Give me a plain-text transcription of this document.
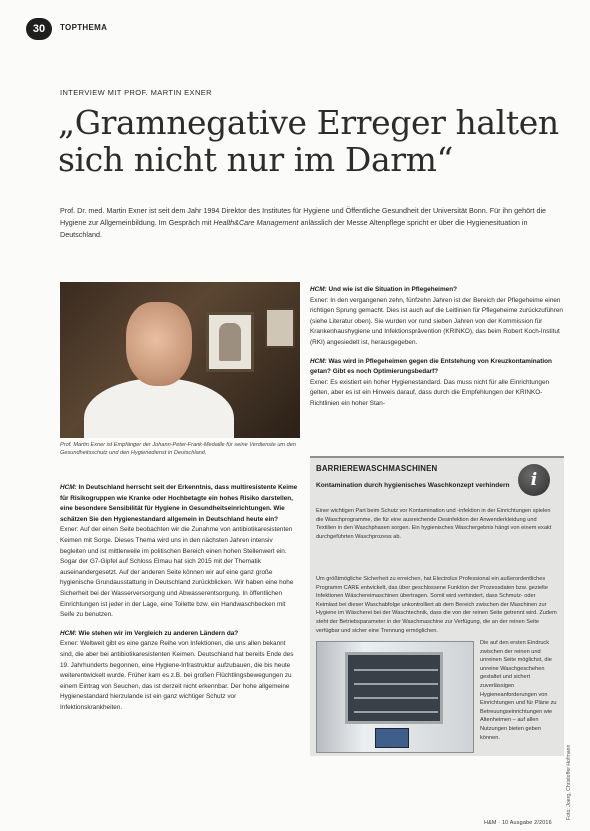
30	TOPTHEMA
INTERVIEW MIT PROF. MARTIN EXNER
„Gramnegative Erreger halten sich nicht nur im Darm“

Prof. Dr. med. Martin Exner ist seit dem Jahr 1994 Direktor des Institutes für Hygiene und Öffentliche Gesundheit der Universität Bonn. Für ihn gehört die Hygiene zur Allgemeinbildung. Im Gespräch mit Health&Care Management anlässlich der Messe Altenpflege spricht er über die Hygienesituation in Deutschland.

Prof. Martin Exner ist Empfänger der Johann-Peter-Frank-Medaille für seine Verdienste um den Gesundheitsschutz und den Hygienedienst in Deutschland.

HCM: In Deutschland herrscht seit der Erkenntnis, dass multiresistente Keime für Risikogruppen wie Kranke oder Hochbetagte ein hohes Risiko darstellen, eine besondere Sensibilität für Hygiene in Gesundheitseinrichtungen. Wie schätzen Sie den Hygienestandard allgemein in Deutschland heute ein?
Exner: Auf der einen Seite beobachten wir die Zunahme von antibiotikaresistenten Keimen mit Sorge. Dieses Thema wird uns in den nächsten Jahren intensiv begleiten und ist mittlerweile im politischen Bereich einen hohen Stellenwert ein. Sogar der G7-Gipfel auf Schloss Elmau hat sich 2015 mit der Thematik auseinandergesetzt. Auf der anderen Seite können wir auf eine ganz große hygienische Grundausstattung in Deutschland zurückblicken. Wir haben eine hohe Sicherheit bei der Wasserversorgung und Abwasserentsorgung. In öffentlichen Einrichtungen ist jeder in der Lage, eine Toilette bzw. ein Handwaschbecken mit Seife zu benutzen.

HCM: Wie stehen wir im Vergleich zu anderen Ländern da?
Exner: Weltweit gibt es eine ganze Reihe von Infektionen, die uns allen bekannt sind, die aber bei antibiotikaresistenten Keimen. Deutschland hat bereits Ende des 19. Jahrhunderts begonnen, eine Hygiene-Infrastruktur aufzubauen, die bis heute weiterentwickelt wurde. Früher kam es z.B. bei großen Flüchtlingsbewegungen zu einem Eintrag von Seuchen, das ist derzeit nicht erkennbar. Der hohe allgemeine Hygienestandard hierzulande ist ein ganz wichtiger Schutz vor Infektionskrankheiten.

HCM: Und wie ist die Situation in Pflegeheimen?
Exner: In den vergangenen zehn, fünfzehn Jahren ist der Bereich der Pflegeheime einen richtigen Sprung gemacht. Dies ist auch auf die Leitlinien für Pflegeheime zurückzuführen (siehe Literatur oben). Sie wurden vor rund sieben Jahren von der Kommission für Krankenhaushygiene und Infektionsprävention (KRINKO), das beim Robert Koch-Institut (RKI) angesiedelt ist, herausgegeben.

HCM: Was wird in Pflegeheimen gegen die Entstehung von Kreuzkontamination getan? Gibt es noch Optimierungsbedarf?
Exner: Es existiert ein hoher Hygienestandard. Das muss nicht für alle Einrichtungen gelten, aber es ist ein Hinweis darauf, dass durch die Empfehlungen der KRINKO-Richtlinien ein hoher Stan-

BARRIEREWASCHMASCHINEN
i
Kontamination durch hygienisches Waschkonzept verhindern

Einer wichtigen Part beim Schutz vor Kontamination und -infektion in der Einrichtungen spielen die Waschprogramme, die für eine ausreichende Desinfektion der Anwenderkleidung und Textilien in den Waschphasen sorgen. Ein hygienisches Waschergebnis hängt von einem exakt durchgeführten Waschprozess ab.

Um größtmögliche Sicherheit zu erreichen, hat Electrolux Professional ein außerordentliches Programm CARE entwickelt, das über geschlossene Funktion der Prozessdaten bzw. gezielte Infektionen Wäschereimaschinen übertragen. Somit wird verhindert, dass Schmutz- oder Keimlast bei dieser Waschabfolge unkontrolliert ab dem Bereich zwischen der Maschinen zur Hygiene im Wäscherei bei der Waschtechnik, dass die von der reinen Seite getrennt wird. Zudem steht der Betriebsparameter in der Waschmaschine zur Verfügung, die an der reinen Seite verfügbar und sicher eine Trennung ermöglichen.

Die auf den ersten Eindruck zwischen der reinen und unreinen Seite möglichst, die unreine Waschgeschehen gestaltet und sichert zuverlässigen Hygieneanforderungen von Einrichtungen und für Pläne zu Betreuungseinrichtungen wie Altenheimen – auf allen Nutzungen bieten geben können.

Foto: Joerg, Christoffer Hofmann
H&M · 10 Ausgabe 2/2016
